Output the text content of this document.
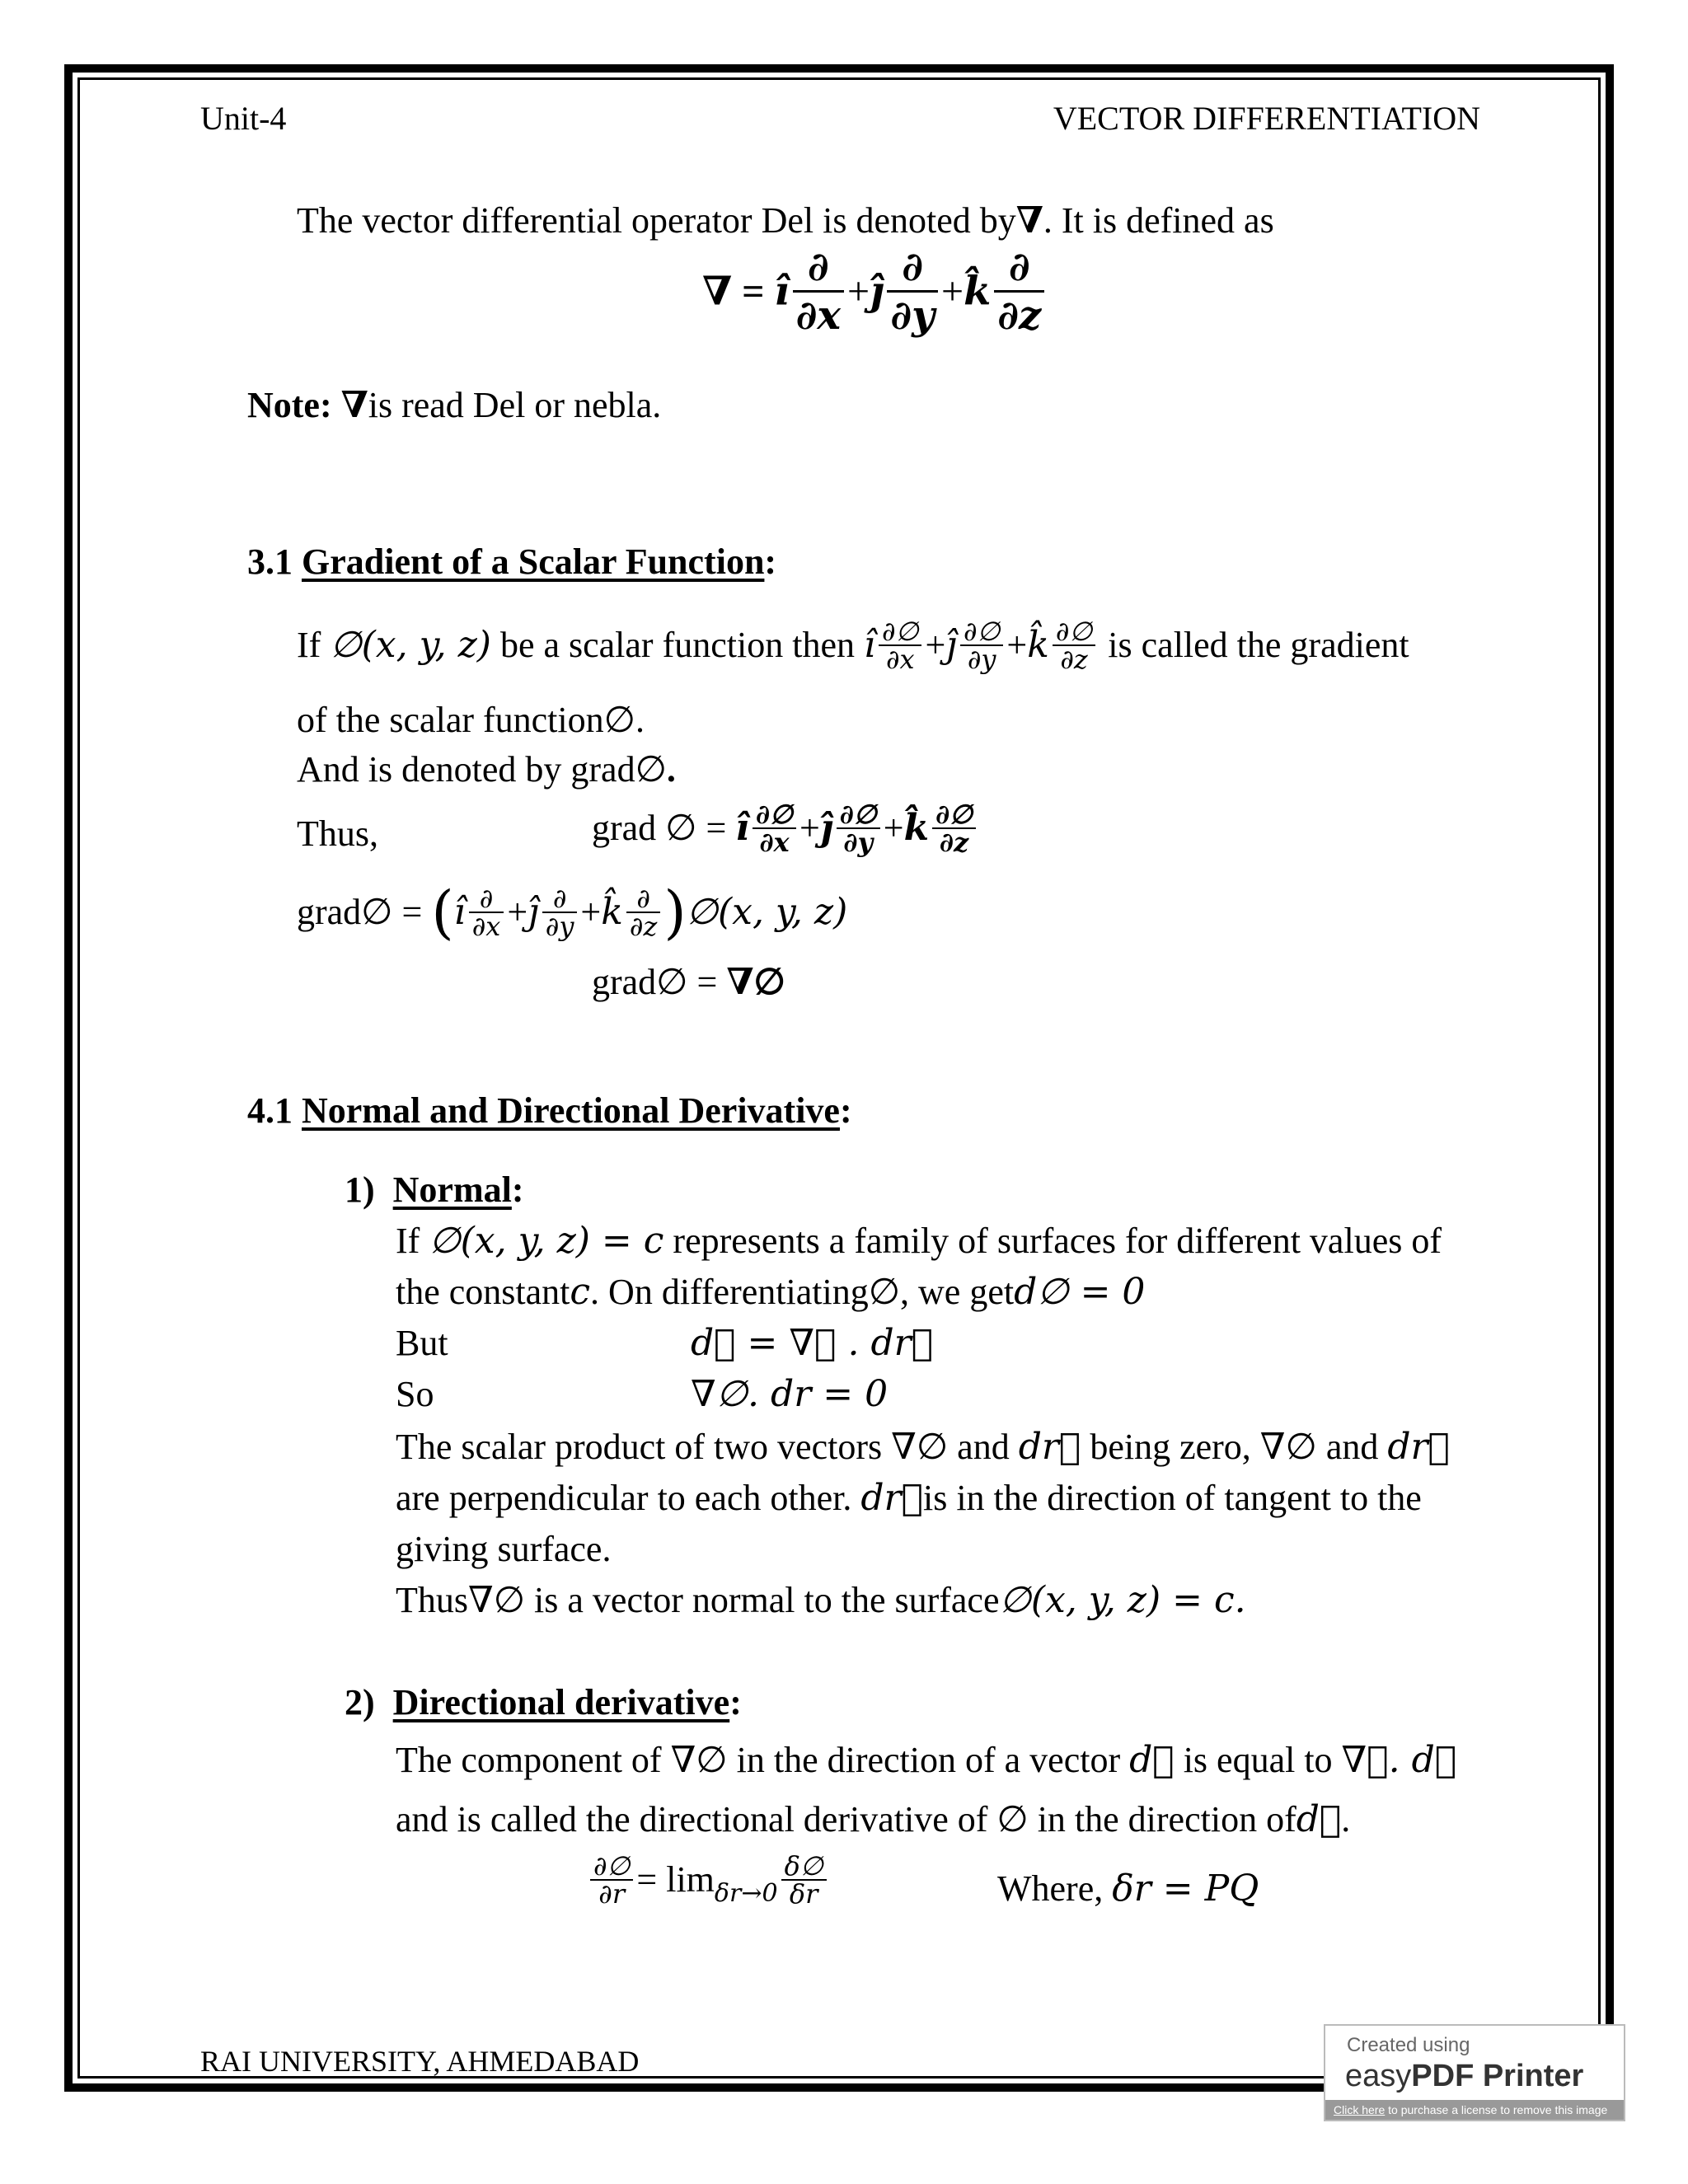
Unit-4	VECTOR DIFFERENTIATION
The vector differential operator Del is denoted by∇. It is defined as
∇ = î $\frac{\partial}{\partial x}$ +ĵ $\frac{\partial}{\partial y}$ +k̂ $\frac{\partial}{\partial z}$
Note: ∇is read Del or nebla.
3.1 Gradient of a Scalar Function:
If ∅(x, y, z) be a scalar function then î $\frac{\partial\emptyset}{\partial x}$ +ĵ $\frac{\partial\emptyset}{\partial y}$ +k̂ $\frac{\partial\emptyset}{\partial z}$ is called the gradient
of the scalar function∅.
And is denoted by grad∅.
Thus,	grad ∅ = î $\frac{\partial\emptyset}{\partial x}$ +ĵ $\frac{\partial\emptyset}{\partial y}$ +k̂ $\frac{\partial\emptyset}{\partial z}$
grad∅ = (î $\frac{\partial}{\partial x}$ +ĵ $\frac{\partial}{\partial y}$ +k̂ $\frac{\partial}{\partial z}$ )∅(x, y, z)
grad∅ = ∇∅
4.1 Normal and Directional Derivative:
1) Normal:
If ∅(x, y, z) = c represents a family of surfaces for different values of
the constantc. On differentiating∅, we getd∅ = 0
But	d∅ = ∇∅ . dr⃗
So	∇∅. dr = 0
The scalar product of two vectors ∇∅ and dr⃗ being zero, ∇∅ and dr⃗
are perpendicular to each other. dr⃗is in the direction of tangent to the
giving surface.
Thus∇∅ is a vector normal to the surface∅(x, y, z) = c.
2) Directional derivative:
The component of ∇∅ in the direction of a vector d⃗ is equal to ∇∅. d⃗
and is called the directional derivative of ∅ in the direction ofd⃗.
$\frac{\partial\emptyset}{\partial r} = \lim_{\delta r\to 0} \frac{\delta\emptyset}{\delta r}$	Where, δr = PQ
RAI UNIVERSITY, AHMEDABAD	Created using
easyPDF Printer
Click here to purchase a license to remove this image
